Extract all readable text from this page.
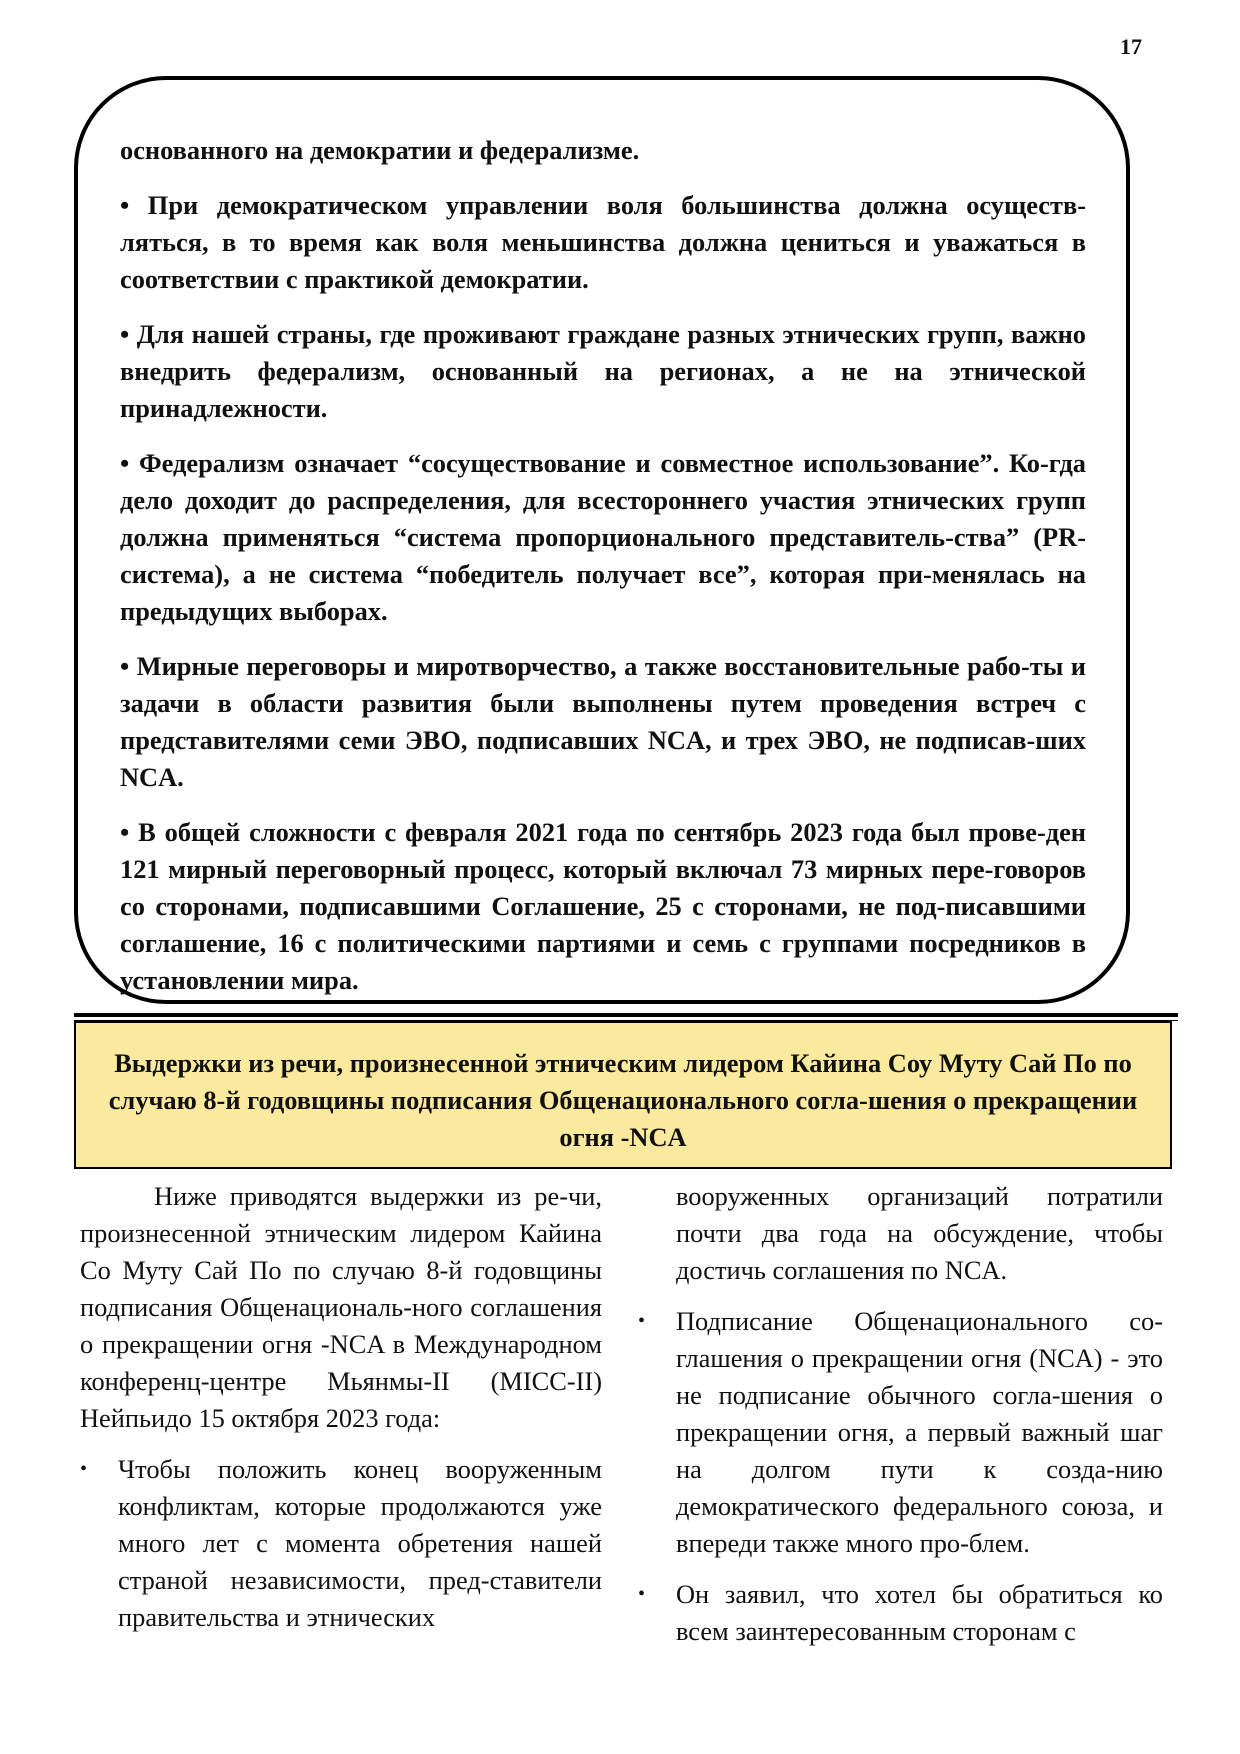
17

основанного на демократии и федерализме.

• При демократическом управлении воля большинства должна осуществ-ляться, в то время как воля меньшинства должна цениться и уважаться в соответствии с практикой демократии.

• Для нашей страны, где проживают граждане разных этнических групп, важно внедрить федерализм, основанный на регионах, а не на этнической принадлежности.

• Федерализм означает “сосуществование и совместное использование”. Ко-гда дело доходит до распределения, для всестороннего участия этнических групп должна применяться “система пропорционального представитель-ства” (PR-система), а не система “победитель получает все”, которая при-менялась на предыдущих выборах.

• Мирные переговоры и миротворчество, а также восстановительные рабо-ты и задачи в области развития были выполнены путем проведения встреч с представителями семи ЭВО, подписавших NCA, и трех ЭВО, не подписав-ших NCA.

• В общей сложности с февраля 2021 года по сентябрь 2023 года был прове-ден 121 мирный переговорный процесс, который включал 73 мирных пере-говоров со сторонами, подписавшими Соглашение, 25 с сторонами, не под-писавшими соглашение, 16 с политическими партиями и семь с группами посредников в установлении мира.

Выдержки из речи, произнесенной этническим лидером Кайина Соу Муту Сай По по случаю 8-й годовщины подписания Общенационального согла-шения о прекращении огня -NCA

Ниже приводятся выдержки из ре-чи, произнесенной этническим лидером Кайина Со Муту Сай По по случаю 8-й годовщины подписания Общенациональ-ного соглашения о прекращении огня -NCA в Международном конференц-центре Мьянмы-II (MICC-II) Нейпьидо 15 октября 2023 года:

• Чтобы положить конец вооруженным конфликтам, которые продолжаются уже много лет с момента обретения нашей страной независимости, пред-ставители правительства и этнических

вооруженных организаций потратили почти два года на обсуждение, чтобы достичь соглашения по NCA.

• Подписание Общенационального со-глашения о прекращении огня (NCA) - это не подписание обычного согла-шения о прекращении огня, а первый важный шаг на долгом пути к созда-нию демократического федерального союза, и впереди также много про-блем.
• Он заявил, что хотел бы обратиться ко всем заинтересованным сторонам с
